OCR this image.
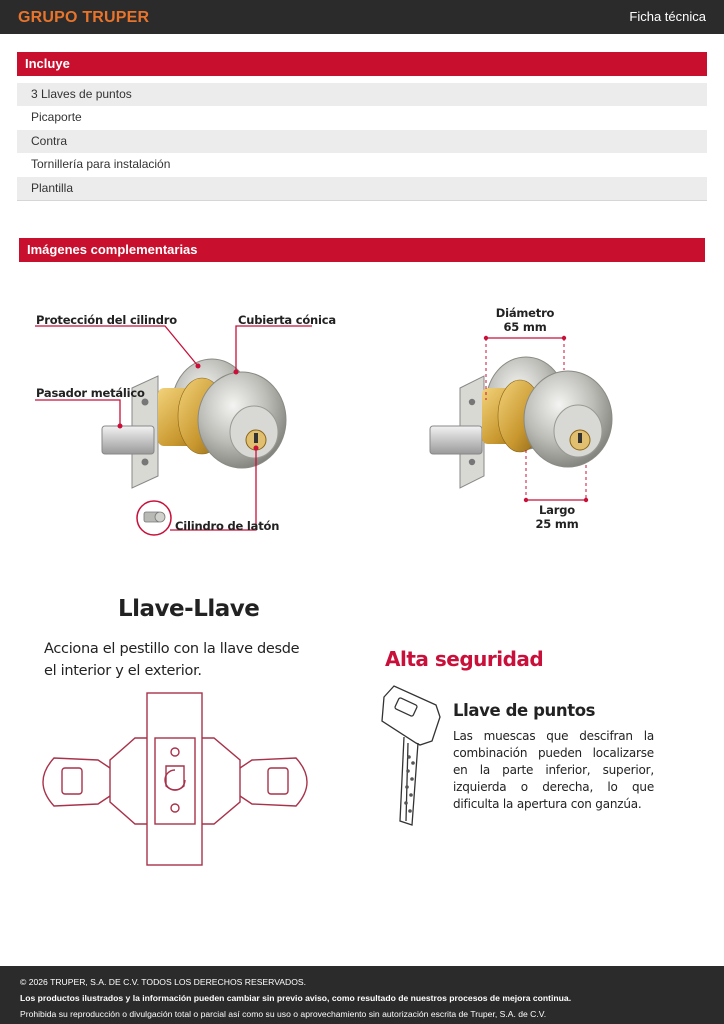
GRUPO TRUPER	Ficha técnica
Incluye
3 Llaves de puntos
Picaporte
Contra
Tornillería para instalación
Plantilla
Imágenes complementarias
Protección del cilindro	Cubierta cónica
Pasador metálico
Cilindro de latón
Diámetro
65 mm
Largo
25 mm
Llave-Llave
Acciona el pestillo con la llave desde el interior y el exterior.	Alta seguridad
Llave de puntos
Las muescas que descifran la combinación pueden localizarse en la parte inferior, superior, izquierda o derecha, lo que dificulta la apertura con ganzúa.

© 2026 TRUPER, S.A. DE C.V. TODOS LOS DERECHOS RESERVADOS.

Los productos ilustrados y la información pueden cambiar sin previo aviso, como resultado de nuestros procesos de mejora continua.

Prohibida su reproducción o divulgación total o parcial así como su uso o aprovechamiento sin autorización escrita de Truper, S.A. de C.V.
